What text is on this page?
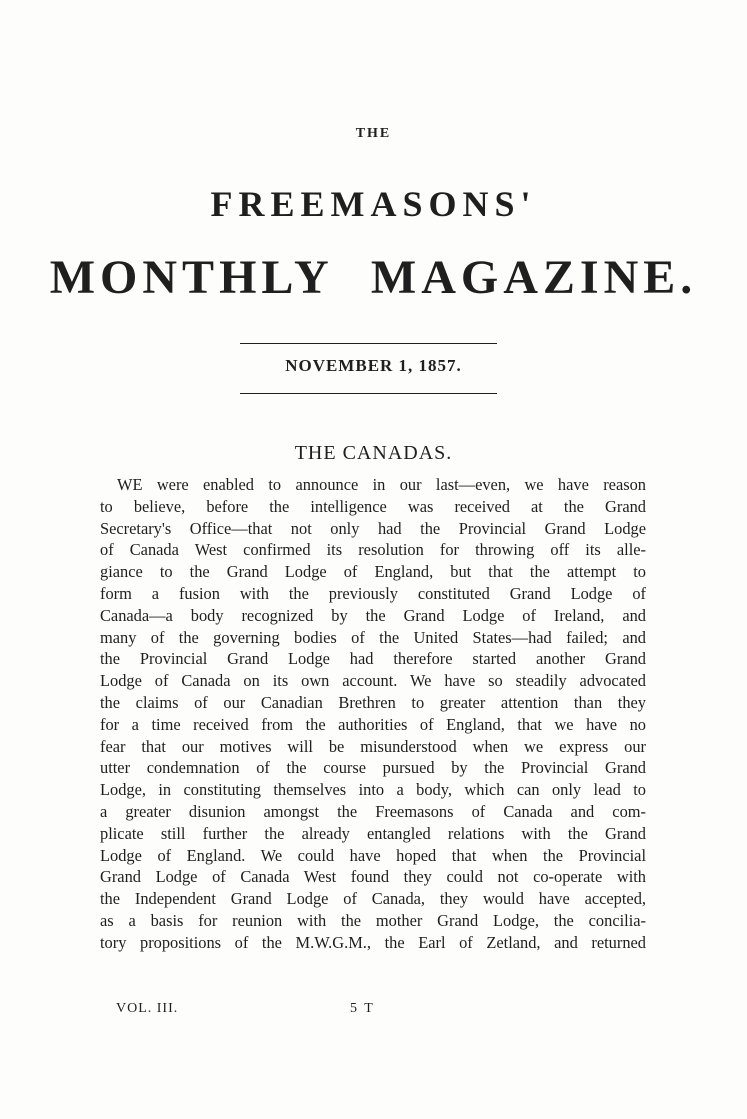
THE
FREEMASONS'
MONTHLY MAGAZINE.
NOVEMBER 1, 1857.
THE CANADAS.
WE were enabled to announce in our last—even, we have reason
to believe, before the intelligence was received at the Grand
Secretary's Office—that not only had the Provincial Grand Lodge
of Canada West confirmed its resolution for throwing off its alle-
giance to the Grand Lodge of England, but that the attempt to
form a fusion with the previously constituted Grand Lodge of
Canada—a body recognized by the Grand Lodge of Ireland, and
many of the governing bodies of the United States—had failed; and
the Provincial Grand Lodge had therefore started another Grand
Lodge of Canada on its own account. We have so steadily advocated
the claims of our Canadian Brethren to greater attention than they
for a time received from the authorities of England, that we have no
fear that our motives will be misunderstood when we express our
utter condemnation of the course pursued by the Provincial Grand
Lodge, in constituting themselves into a body, which can only lead to
a greater disunion amongst the Freemasons of Canada and com-
plicate still further the already entangled relations with the Grand
Lodge of England. We could have hoped that when the Provincial
Grand Lodge of Canada West found they could not co-operate with
the Independent Grand Lodge of Canada, they would have accepted,
as a basis for reunion with the mother Grand Lodge, the concilia-
tory propositions of the M.W.G.M., the Earl of Zetland, and returned
VOL. III.	5 T
